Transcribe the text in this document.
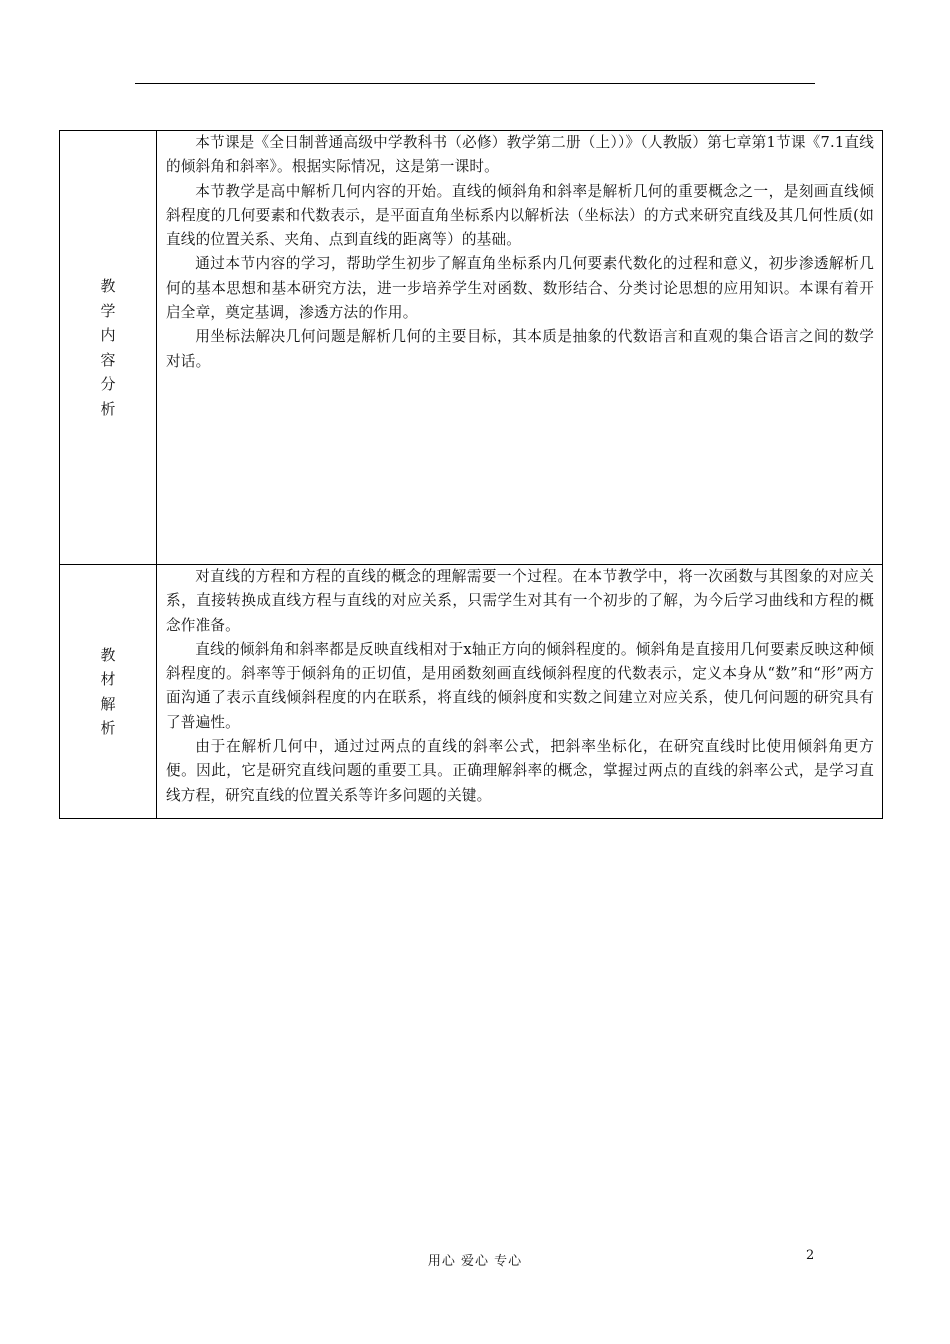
教学内容分析	本节课是《全日制普通高级中学教科书（必修）教学第二册（上））》（人教版）第七章第1节课《7.1直线的倾斜角和斜率》。根据实际情况，这是第一课时。

本节教学是高中解析几何内容的开始。直线的倾斜角和斜率是解析几何的重要概念之一，是刻画直线倾斜程度的几何要素和代数表示，是平面直角坐标系内以解析法（坐标法）的方式来研究直线及其几何性质(如直线的位置关系、夹角、点到直线的距离等）的基础。

通过本节内容的学习，帮助学生初步了解直角坐标系内几何要素代数化的过程和意义，初步渗透解析几何的基本思想和基本研究方法，进一步培养学生对函数、数形结合、分类讨论思想的应用知识。本课有着开启全章，奠定基调，渗透方法的作用。

用坐标法解决几何问题是解析几何的主要目标，其本质是抽象的代数语言和直观的集合语言之间的数学对话。

教材解析	对直线的方程和方程的直线的概念的理解需要一个过程。在本节教学中，将一次函数与其图象的对应关系，直接转换成直线方程与直线的对应关系，只需学生对其有一个初步的了解，为今后学习曲线和方程的概念作准备。

直线的倾斜角和斜率都是反映直线相对于x轴正方向的倾斜程度的。倾斜角是直接用几何要素反映这种倾斜程度的。斜率等于倾斜角的正切值，是用函数刻画直线倾斜程度的代数表示，定义本身从“数”和“形”两方面沟通了表示直线倾斜程度的内在联系，将直线的倾斜度和实数之间建立对应关系，使几何问题的研究具有了普遍性。

由于在解析几何中，通过过两点的直线的斜率公式，把斜率坐标化，在研究直线时比使用倾斜角更方便。因此，它是研究直线问题的重要工具。正确理解斜率的概念，掌握过两点的直线的斜率公式，是学习直线方程，研究直线的位置关系等许多问题的关键。

用心 爱心 专心	2
